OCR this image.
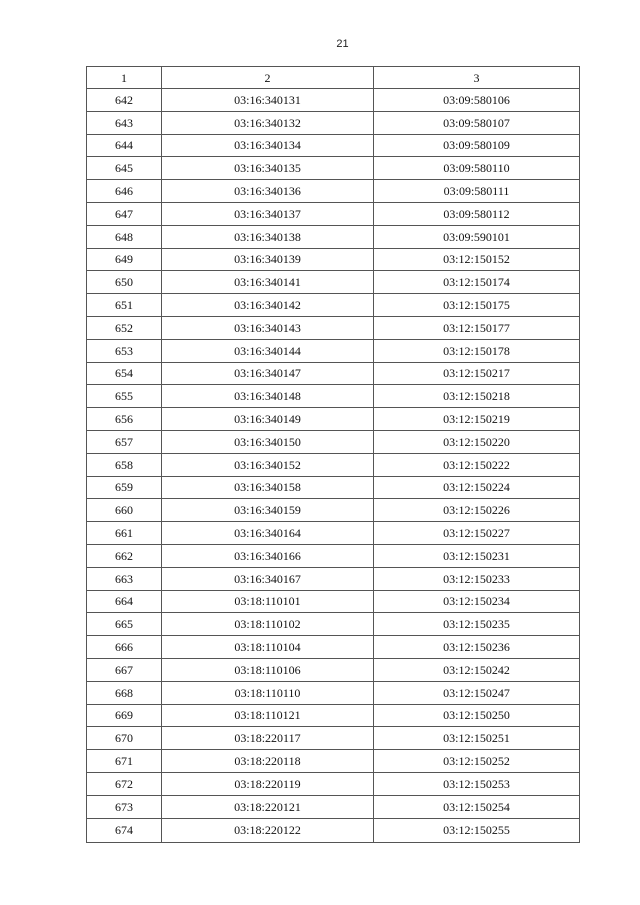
21
1	2	3
642	03:16:340131	03:09:580106
643	03:16:340132	03:09:580107
644	03:16:340134	03:09:580109
645	03:16:340135	03:09:580110
646	03:16:340136	03:09:580111
647	03:16:340137	03:09:580112
648	03:16:340138	03:09:590101
649	03:16:340139	03:12:150152
650	03:16:340141	03:12:150174
651	03:16:340142	03:12:150175
652	03:16:340143	03:12:150177
653	03:16:340144	03:12:150178
654	03:16:340147	03:12:150217
655	03:16:340148	03:12:150218
656	03:16:340149	03:12:150219
657	03:16:340150	03:12:150220
658	03:16:340152	03:12:150222
659	03:16:340158	03:12:150224
660	03:16:340159	03:12:150226
661	03:16:340164	03:12:150227
662	03:16:340166	03:12:150231
663	03:16:340167	03:12:150233
664	03:18:110101	03:12:150234
665	03:18:110102	03:12:150235
666	03:18:110104	03:12:150236
667	03:18:110106	03:12:150242
668	03:18:110110	03:12:150247
669	03:18:110121	03:12:150250
670	03:18:220117	03:12:150251
671	03:18:220118	03:12:150252
672	03:18:220119	03:12:150253
673	03:18:220121	03:12:150254
674	03:18:220122	03:12:150255
